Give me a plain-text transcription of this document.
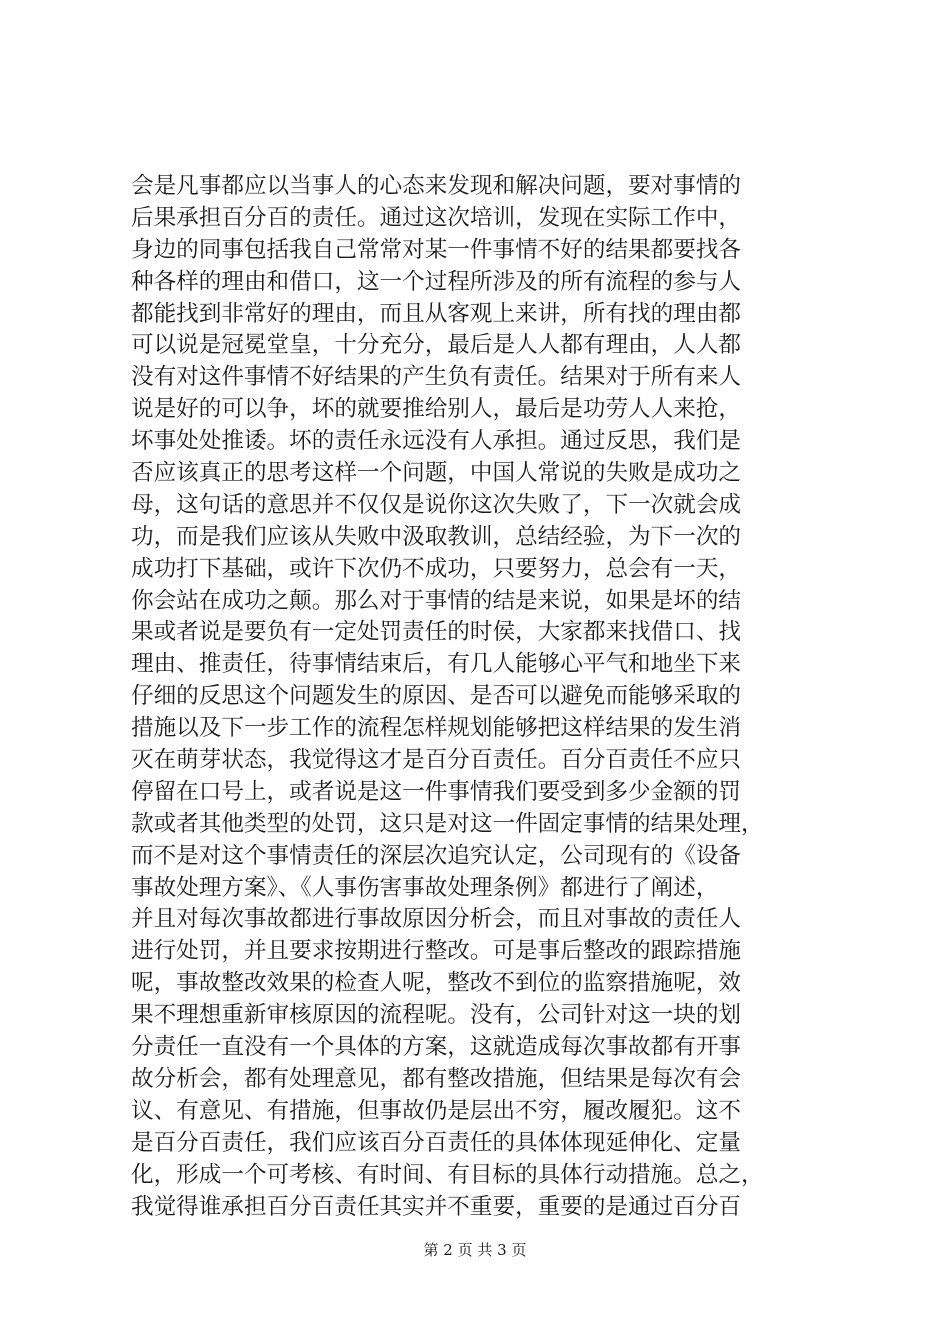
会是凡事都应以当事人的心态来发现和解决问题，要对事情的
后果承担百分百的责任。通过这次培训，发现在实际工作中，
身边的同事包括我自己常常对某一件事情不好的结果都要找各
种各样的理由和借口，这一个过程所涉及的所有流程的参与人
都能找到非常好的理由，而且从客观上来讲，所有找的理由都
可以说是冠冕堂皇，十分充分，最后是人人都有理由，人人都
没有对这件事情不好结果的产生负有责任。结果对于所有来人
说是好的可以争，坏的就要推给别人，最后是功劳人人来抢，
坏事处处推诿。坏的责任永远没有人承担。通过反思，我们是
否应该真正的思考这样一个问题，中国人常说的失败是成功之
母，这句话的意思并不仅仅是说你这次失败了，下一次就会成
功，而是我们应该从失败中汲取教训，总结经验，为下一次的
成功打下基础，或许下次仍不成功，只要努力，总会有一天，
你会站在成功之颠。那么对于事情的结是来说，如果是坏的结
果或者说是要负有一定处罚责任的时侯，大家都来找借口、找
理由、推责任，待事情结束后，有几人能够心平气和地坐下来
仔细的反思这个问题发生的原因、是否可以避免而能够采取的
措施以及下一步工作的流程怎样规划能够把这样结果的发生消
灭在萌芽状态，我觉得这才是百分百责任。百分百责任不应只
停留在口号上，或者说是这一件事情我们要受到多少金额的罚
款或者其他类型的处罚，这只是对这一件固定事情的结果处理，
而不是对这个事情责任的深层次追究认定，公司现有的《设备
事故处理方案》、《人事伤害事故处理条例》都进行了阐述，
并且对每次事故都进行事故原因分析会，而且对事故的责任人
进行处罚，并且要求按期进行整改。可是事后整改的跟踪措施
呢，事故整改效果的检查人呢，整改不到位的监察措施呢，效
果不理想重新审核原因的流程呢。没有，公司针对这一块的划
分责任一直没有一个具体的方案，这就造成每次事故都有开事
故分析会，都有处理意见，都有整改措施，但结果是每次有会
议、有意见、有措施，但事故仍是层出不穷，履改履犯。这不
是百分百责任，我们应该百分百责任的具体体现延伸化、定量
化，形成一个可考核、有时间、有目标的具体行动措施。总之，
我觉得谁承担百分百责任其实并不重要，重要的是通过百分百
第 2 页 共 3 页
